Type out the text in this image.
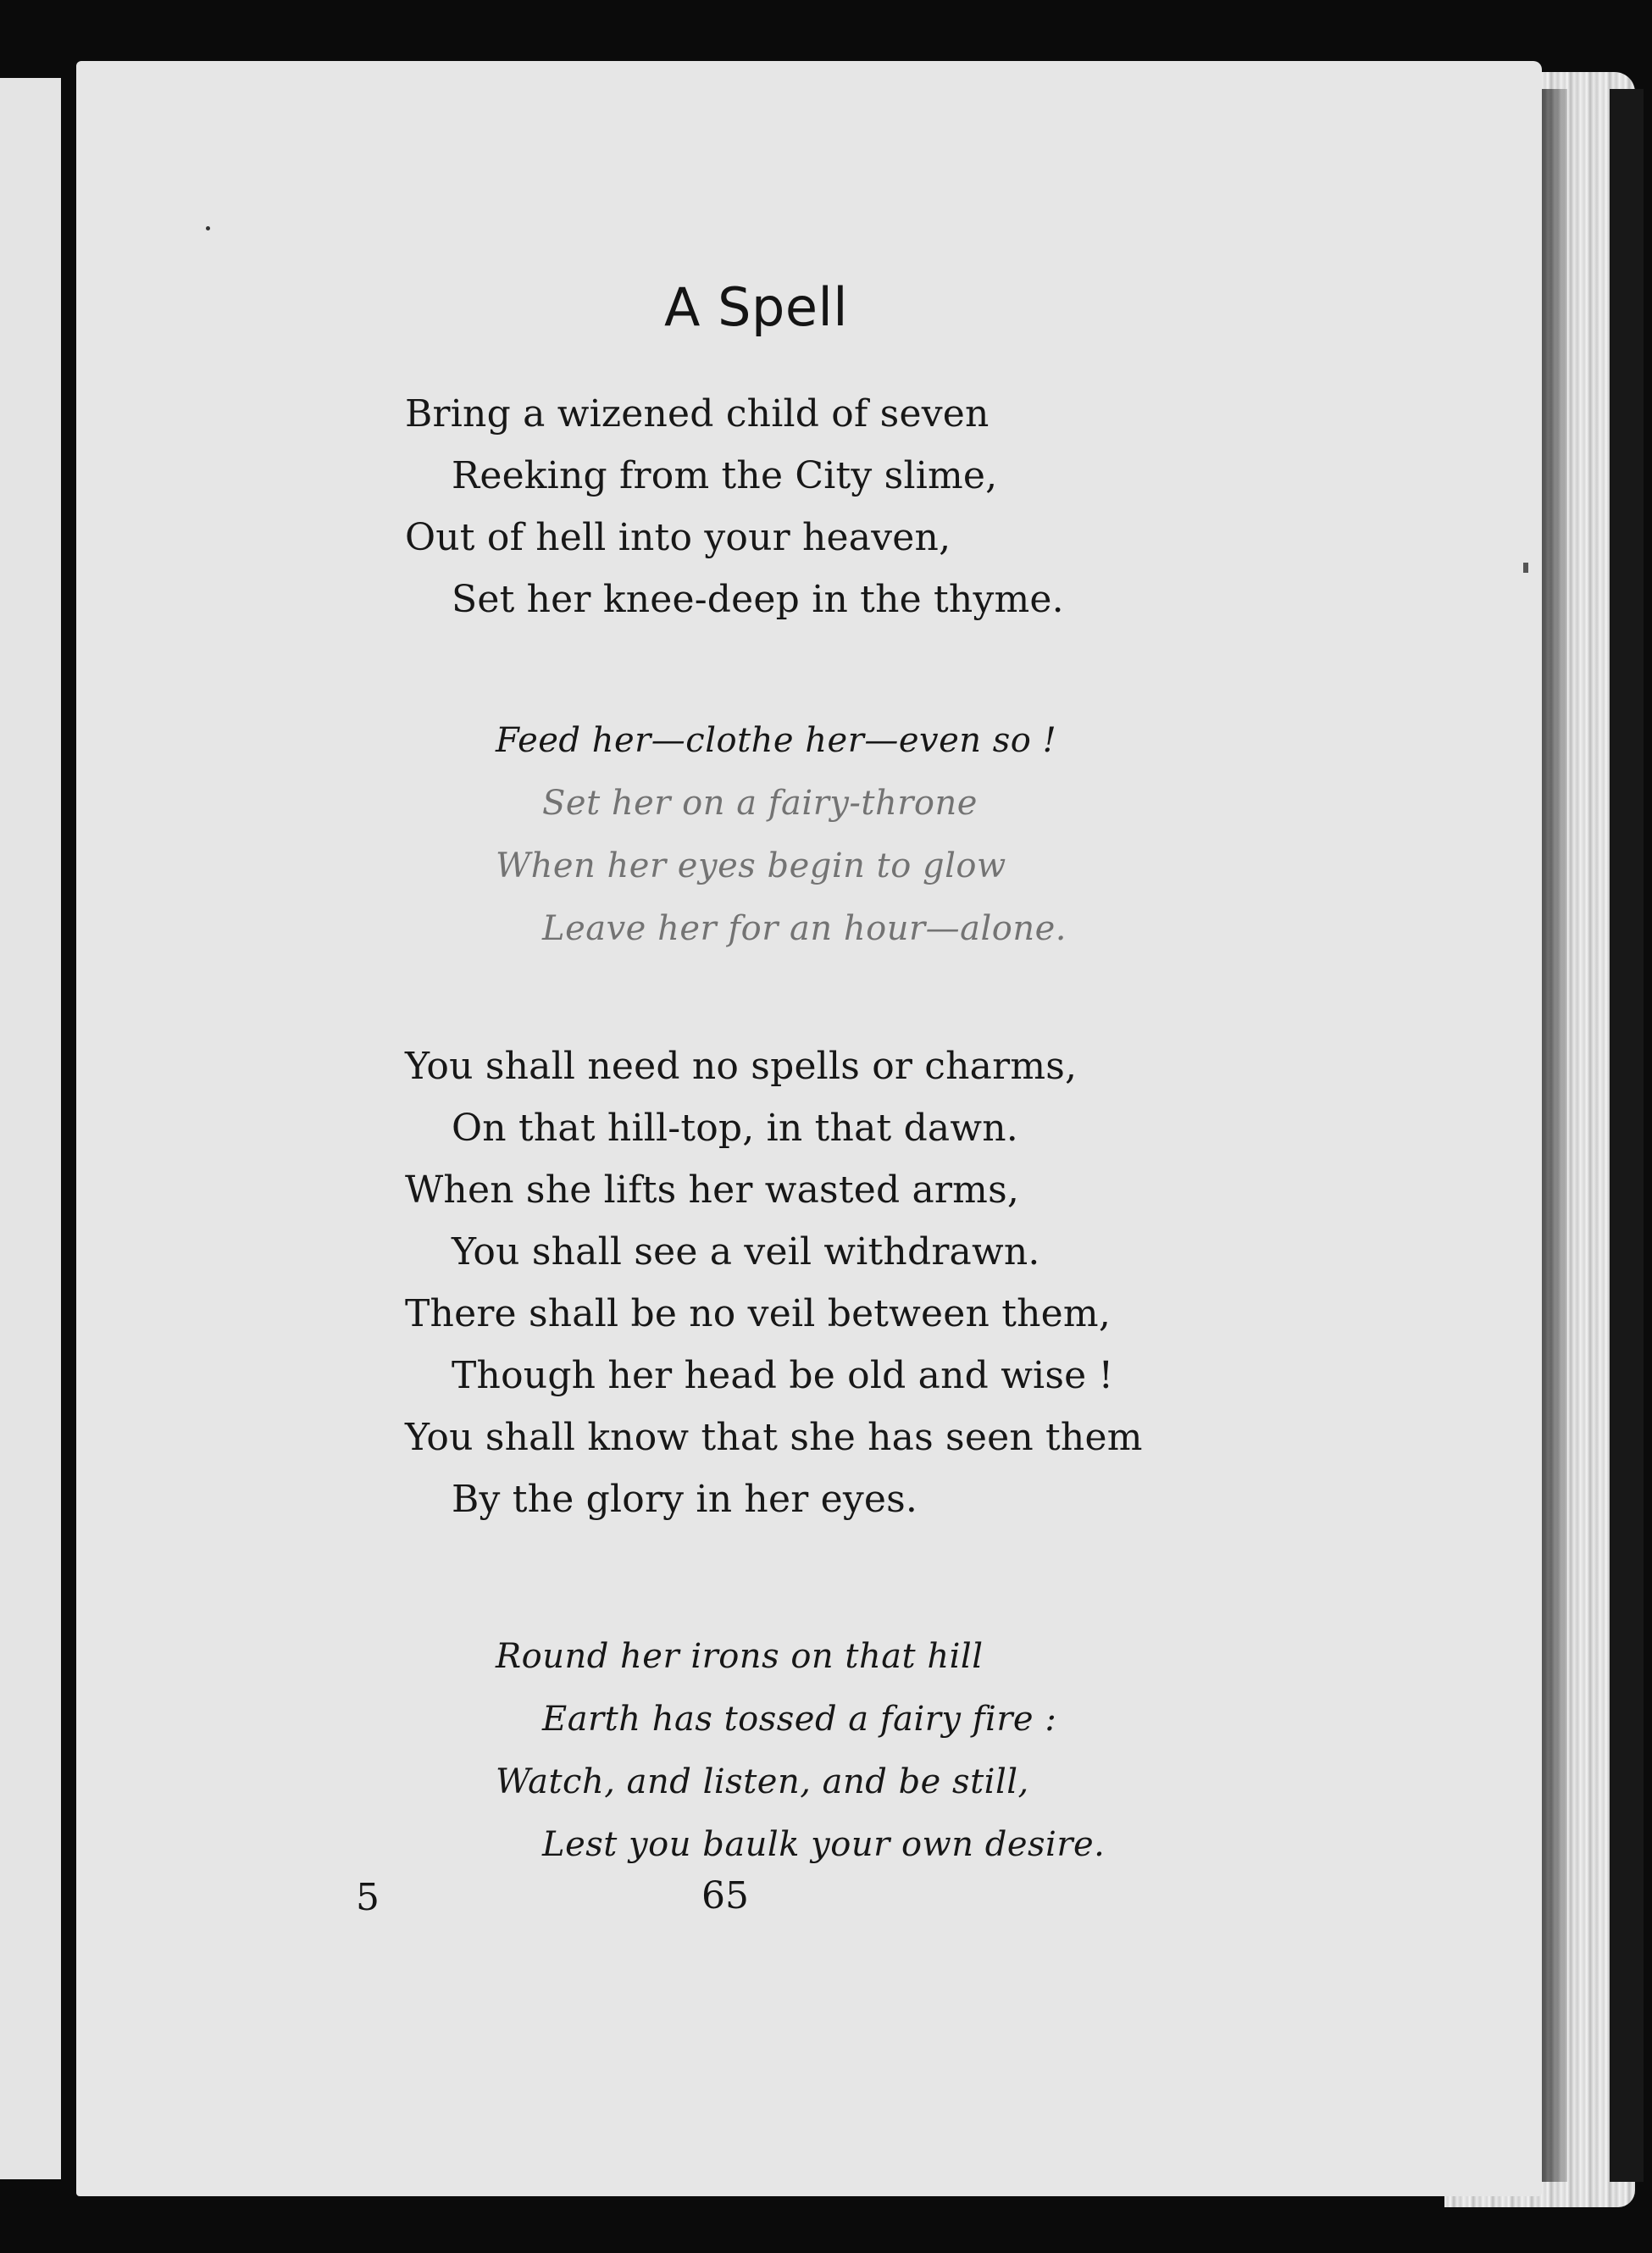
A Spell
Bring a wizened child of seven
Reeking from the City slime,
Out of hell into your heaven,
Set her knee-deep in the thyme.
Feed her—clothe her—even so !
Set her on a fairy-throne
When her eyes begin to glow
Leave her for an hour—alone.
You shall need no spells or charms,
On that hill-top, in that dawn.
When she lifts her wasted arms,
You shall see a veil withdrawn.
There shall be no veil between them,
Though her head be old and wise !
You shall know that she has seen them
By the glory in her eyes.
Round her irons on that hill
Earth has tossed a fairy fire :
Watch, and listen, and be still,
Lest you baulk your own desire.
5	65
